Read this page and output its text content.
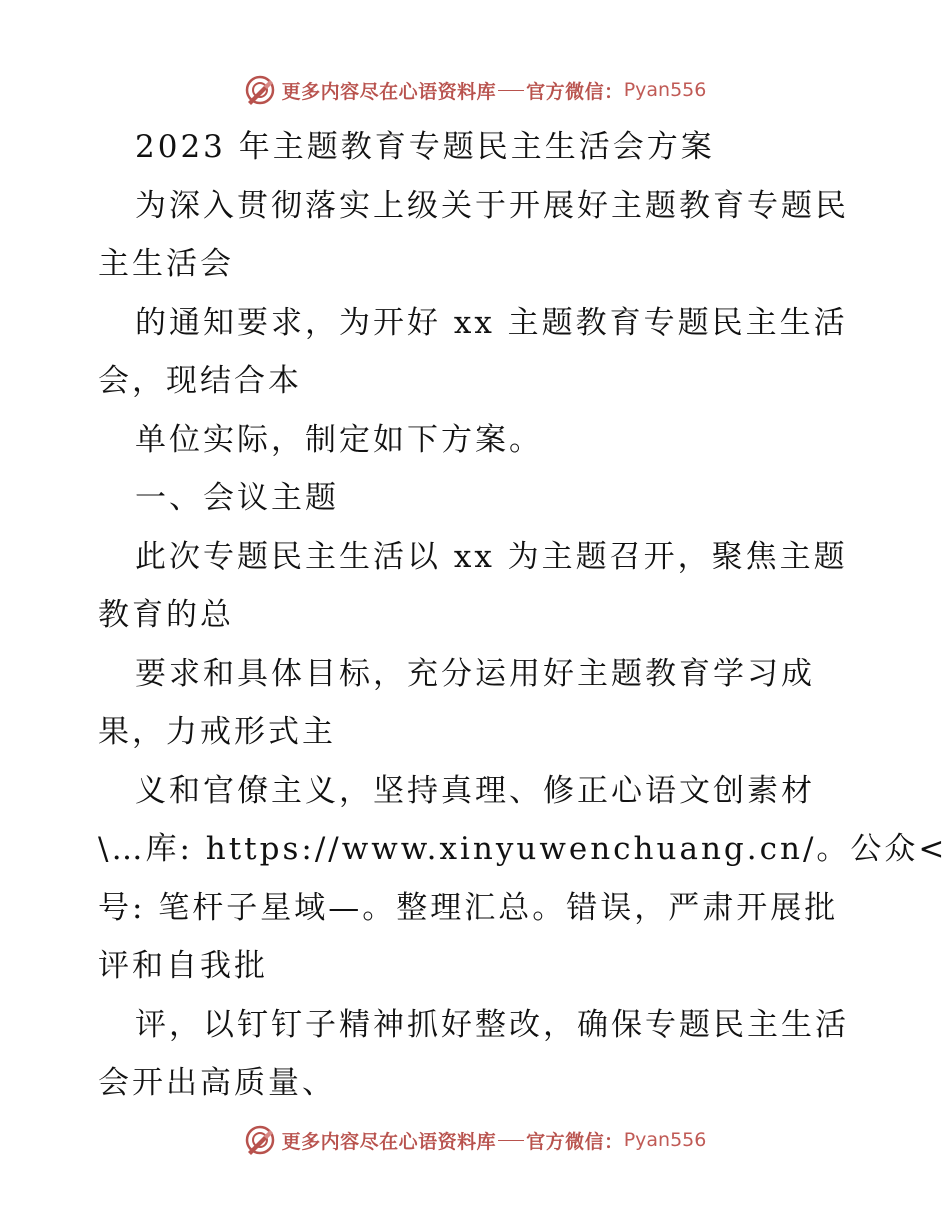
更多内容尽在心语资料库 官方微信： Pyan556
2023 年主题教育专题民主生活会方案
为深入贯彻落实上级关于开展好主题教育专题民
主生活会
的通知要求，为开好 xx 主题教育专题民主生活
会，现结合本
单位实际，制定如下方案。
一、会议主题
此次专题民主生活以 xx 为主题召开，聚焦主题
教育的总
要求和具体目标，充分运用好主题教育学习成
果，力戒形式主
义和官僚主义，坚持真理、修正心语文创素材
\…库: https://www.xinyuwenchuang.cn/。公众<
号: 笔杆子星域—。整理汇总。错误，严肃开展批
评和自我批
评，以钉钉子精神抓好整改，确保专题民主生活
会开出高质量、
更多内容尽在心语资料库 官方微信： Pyan556
